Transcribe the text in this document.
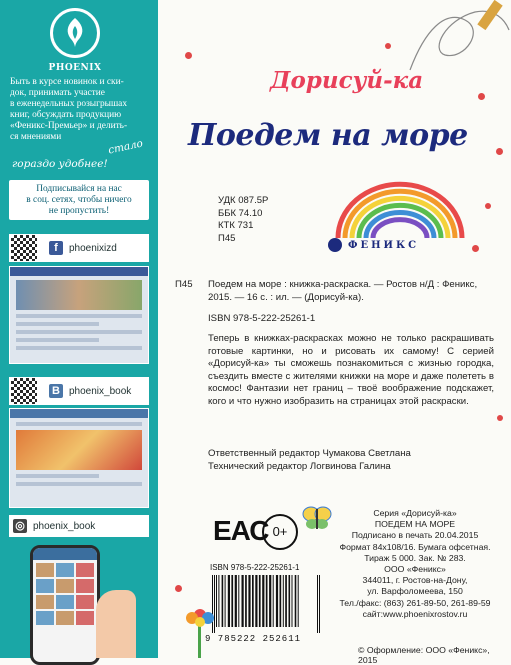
PHOENIX
Быть в курсе новинок и ски-
док, принимать участие
в еженедельных розыгрышах
книг, обсуждать продукцию
«Феникс-Премьер» и делить-
ся мнениями
стало
гораздо удобнее!
Подписывайся на нас
в соц. сетях, чтобы ничего
не пропустить!
f	phoenixizd
B phoenix_book
◎ phoenix_book
Дорисуй-ка
Поедем на море
УДК 087.5Р
ББК 74.10
КТК 731
П45
ФЕНИКС
П45 Поедем на море : книжка-раскраска. — Ростов н/Д : Феникс, 2015. — 16 с. : ил. — (Дорисуй-ка).
ISBN 978-5-222-25261-1
Теперь в книжках-раскрасках можно не только раскрашивать готовые картинки, но и рисовать их самому! С серией «Дорисуй-ка» ты сможешь познакомиться с жизнью городка, съездить вместе с жителями книжки на море и даже полететь в космос! Фантазии нет границ – твоё воображение подскажет, кого и что нужно изобразить на страницах этой раскраски.
Ответственный редактор Чумакова Светлана
Технический редактор Логвинова Галина
ЕАС 0+
Серия «Дорисуй-ка»
ПОЕДЕМ НА МОРЕ
Подписано в печать 20.04.2015
Формат 84х108/16. Бумага офсетная.
Тираж 5 000. Зак. № 283.
ООО «Феникс»
344011, г. Ростов-на-Дону,
ул. Варфоломеева, 150
Тел./факс: (863) 261-89-50, 261-89-59
сайт:www.phoenixrostov.ru
ISBN 978-5-222-25261-1
9 785222 252611
© Оформление: ООО «Феникс», 2015
